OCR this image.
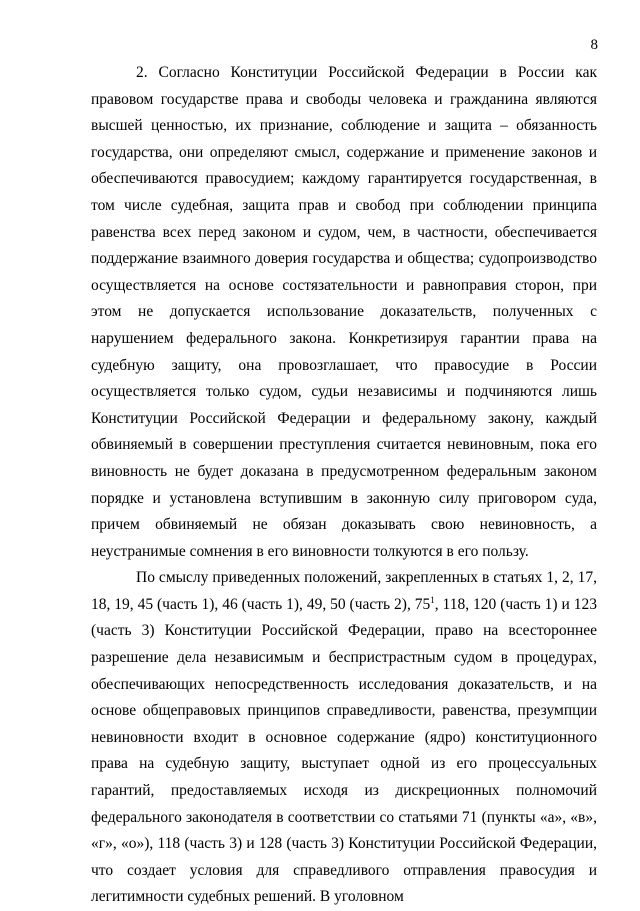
8

2. Согласно Конституции Российской Федерации в России как правовом государстве права и свободы человека и гражданина являются высшей ценностью, их признание, соблюдение и защита – обязанность государства, они определяют смысл, содержание и применение законов и обеспечиваются правосудием; каждому гарантируется государственная, в том числе судебная, защита прав и свобод при соблюдении принципа равенства всех перед законом и судом, чем, в частности, обеспечивается поддержание взаимного доверия государства и общества; судопроизводство осуществляется на основе состязательности и равноправия сторон, при этом не допускается использование доказательств, полученных с нарушением федерального закона. Конкретизируя гарантии права на судебную защиту, она провозглашает, что правосудие в России осуществляется только судом, судьи независимы и подчиняются лишь Конституции Российской Федерации и федеральному закону, каждый обвиняемый в совершении преступления считается невиновным, пока его виновность не будет доказана в предусмотренном федеральным законом порядке и установлена вступившим в законную силу приговором суда, причем обвиняемый не обязан доказывать свою невиновность, а неустранимые сомнения в его виновности толкуются в его пользу.

По смыслу приведенных положений, закрепленных в статьях 1, 2, 17, 18, 19, 45 (часть 1), 46 (часть 1), 49, 50 (часть 2), $75^1$, 118, 120 (часть 1) и 123 (часть 3) Конституции Российской Федерации, право на всестороннее разрешение дела независимым и беспристрастным судом в процедурах, обеспечивающих непосредственность исследования доказательств, и на основе общеправовых принципов справедливости, равенства, презумпции невиновности входит в основное содержание (ядро) конституционного права на судебную защиту, выступает одной из его процессуальных гарантий, предоставляемых исходя из дискреционных полномочий федерального законодателя в соответствии со статьями 71 (пункты «а», «в», «г», «о»), 118 (часть 3) и 128 (часть 3) Конституции Российской Федерации, что создает условия для справедливого отправления правосудия и легитимности судебных решений. В уголовном
